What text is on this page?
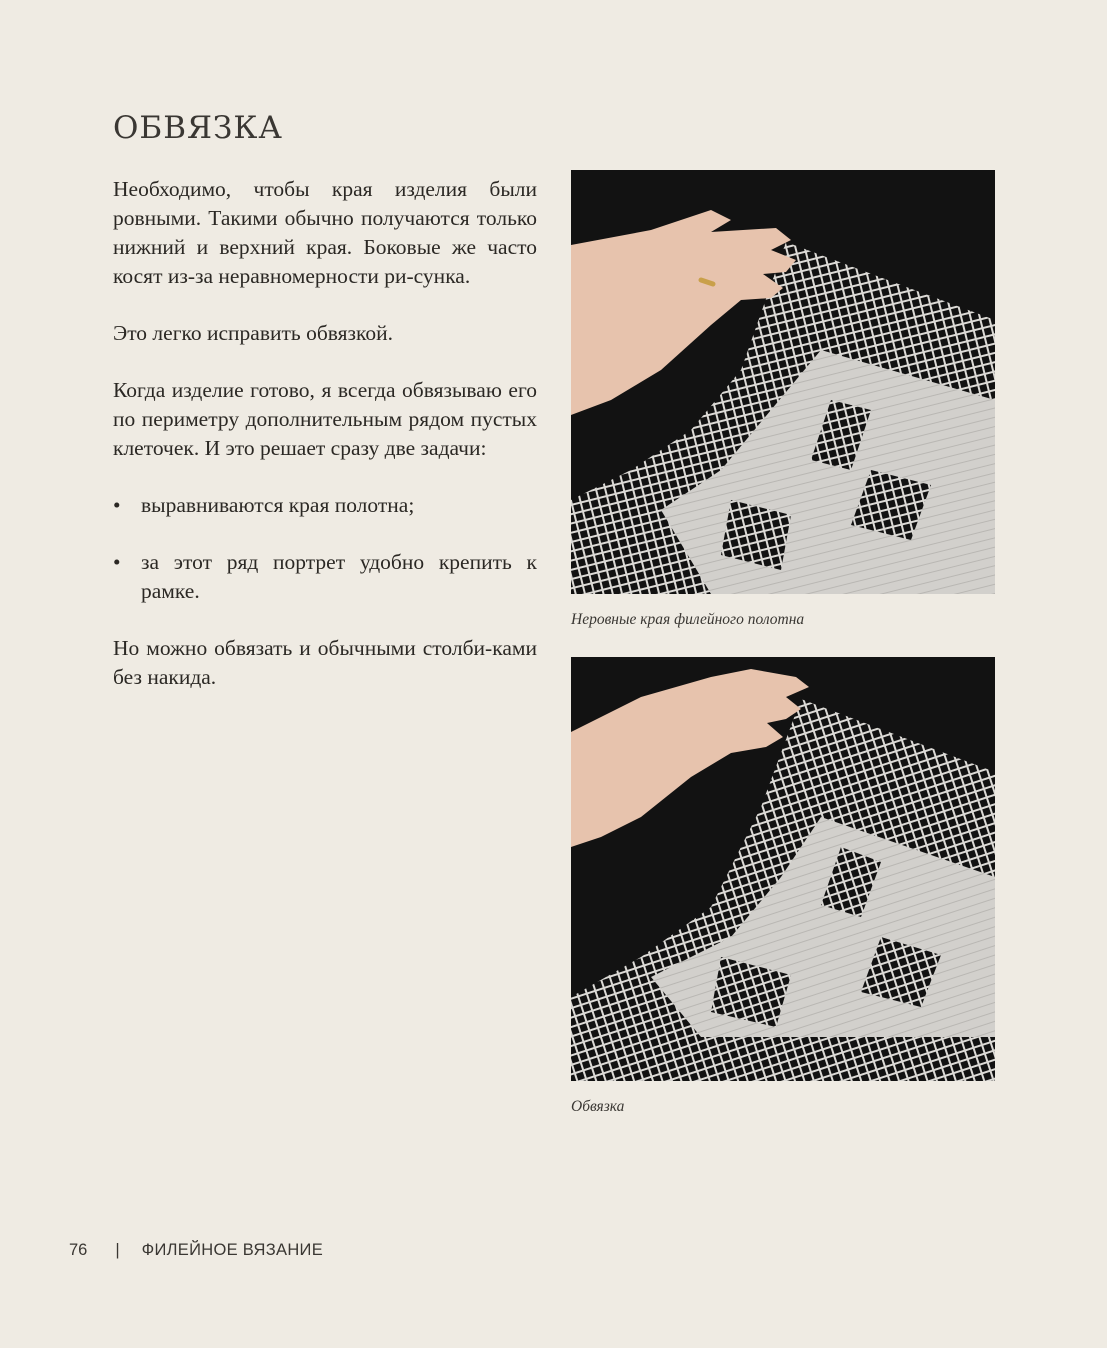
ОБВЯЗКА

Необходимо, чтобы края изделия были ровными. Такими обычно получаются только нижний и верхний края. Боковые же часто косят из-за неравномерности ри-сунка.

Это легко исправить обвязкой.

Когда изделие готово, я всегда обвязываю его по периметру дополнительным рядом пустых клеточек. И это решает сразу две задачи:

• выравниваются края полотна;
• за этот ряд портрет удобно крепить к рамке.

Но можно обвязать и обычными столби-ками без накида.

Неровные края филейного полотна
Обвязка
76 | ФИЛЕЙНОЕ ВЯЗАНИЕ
